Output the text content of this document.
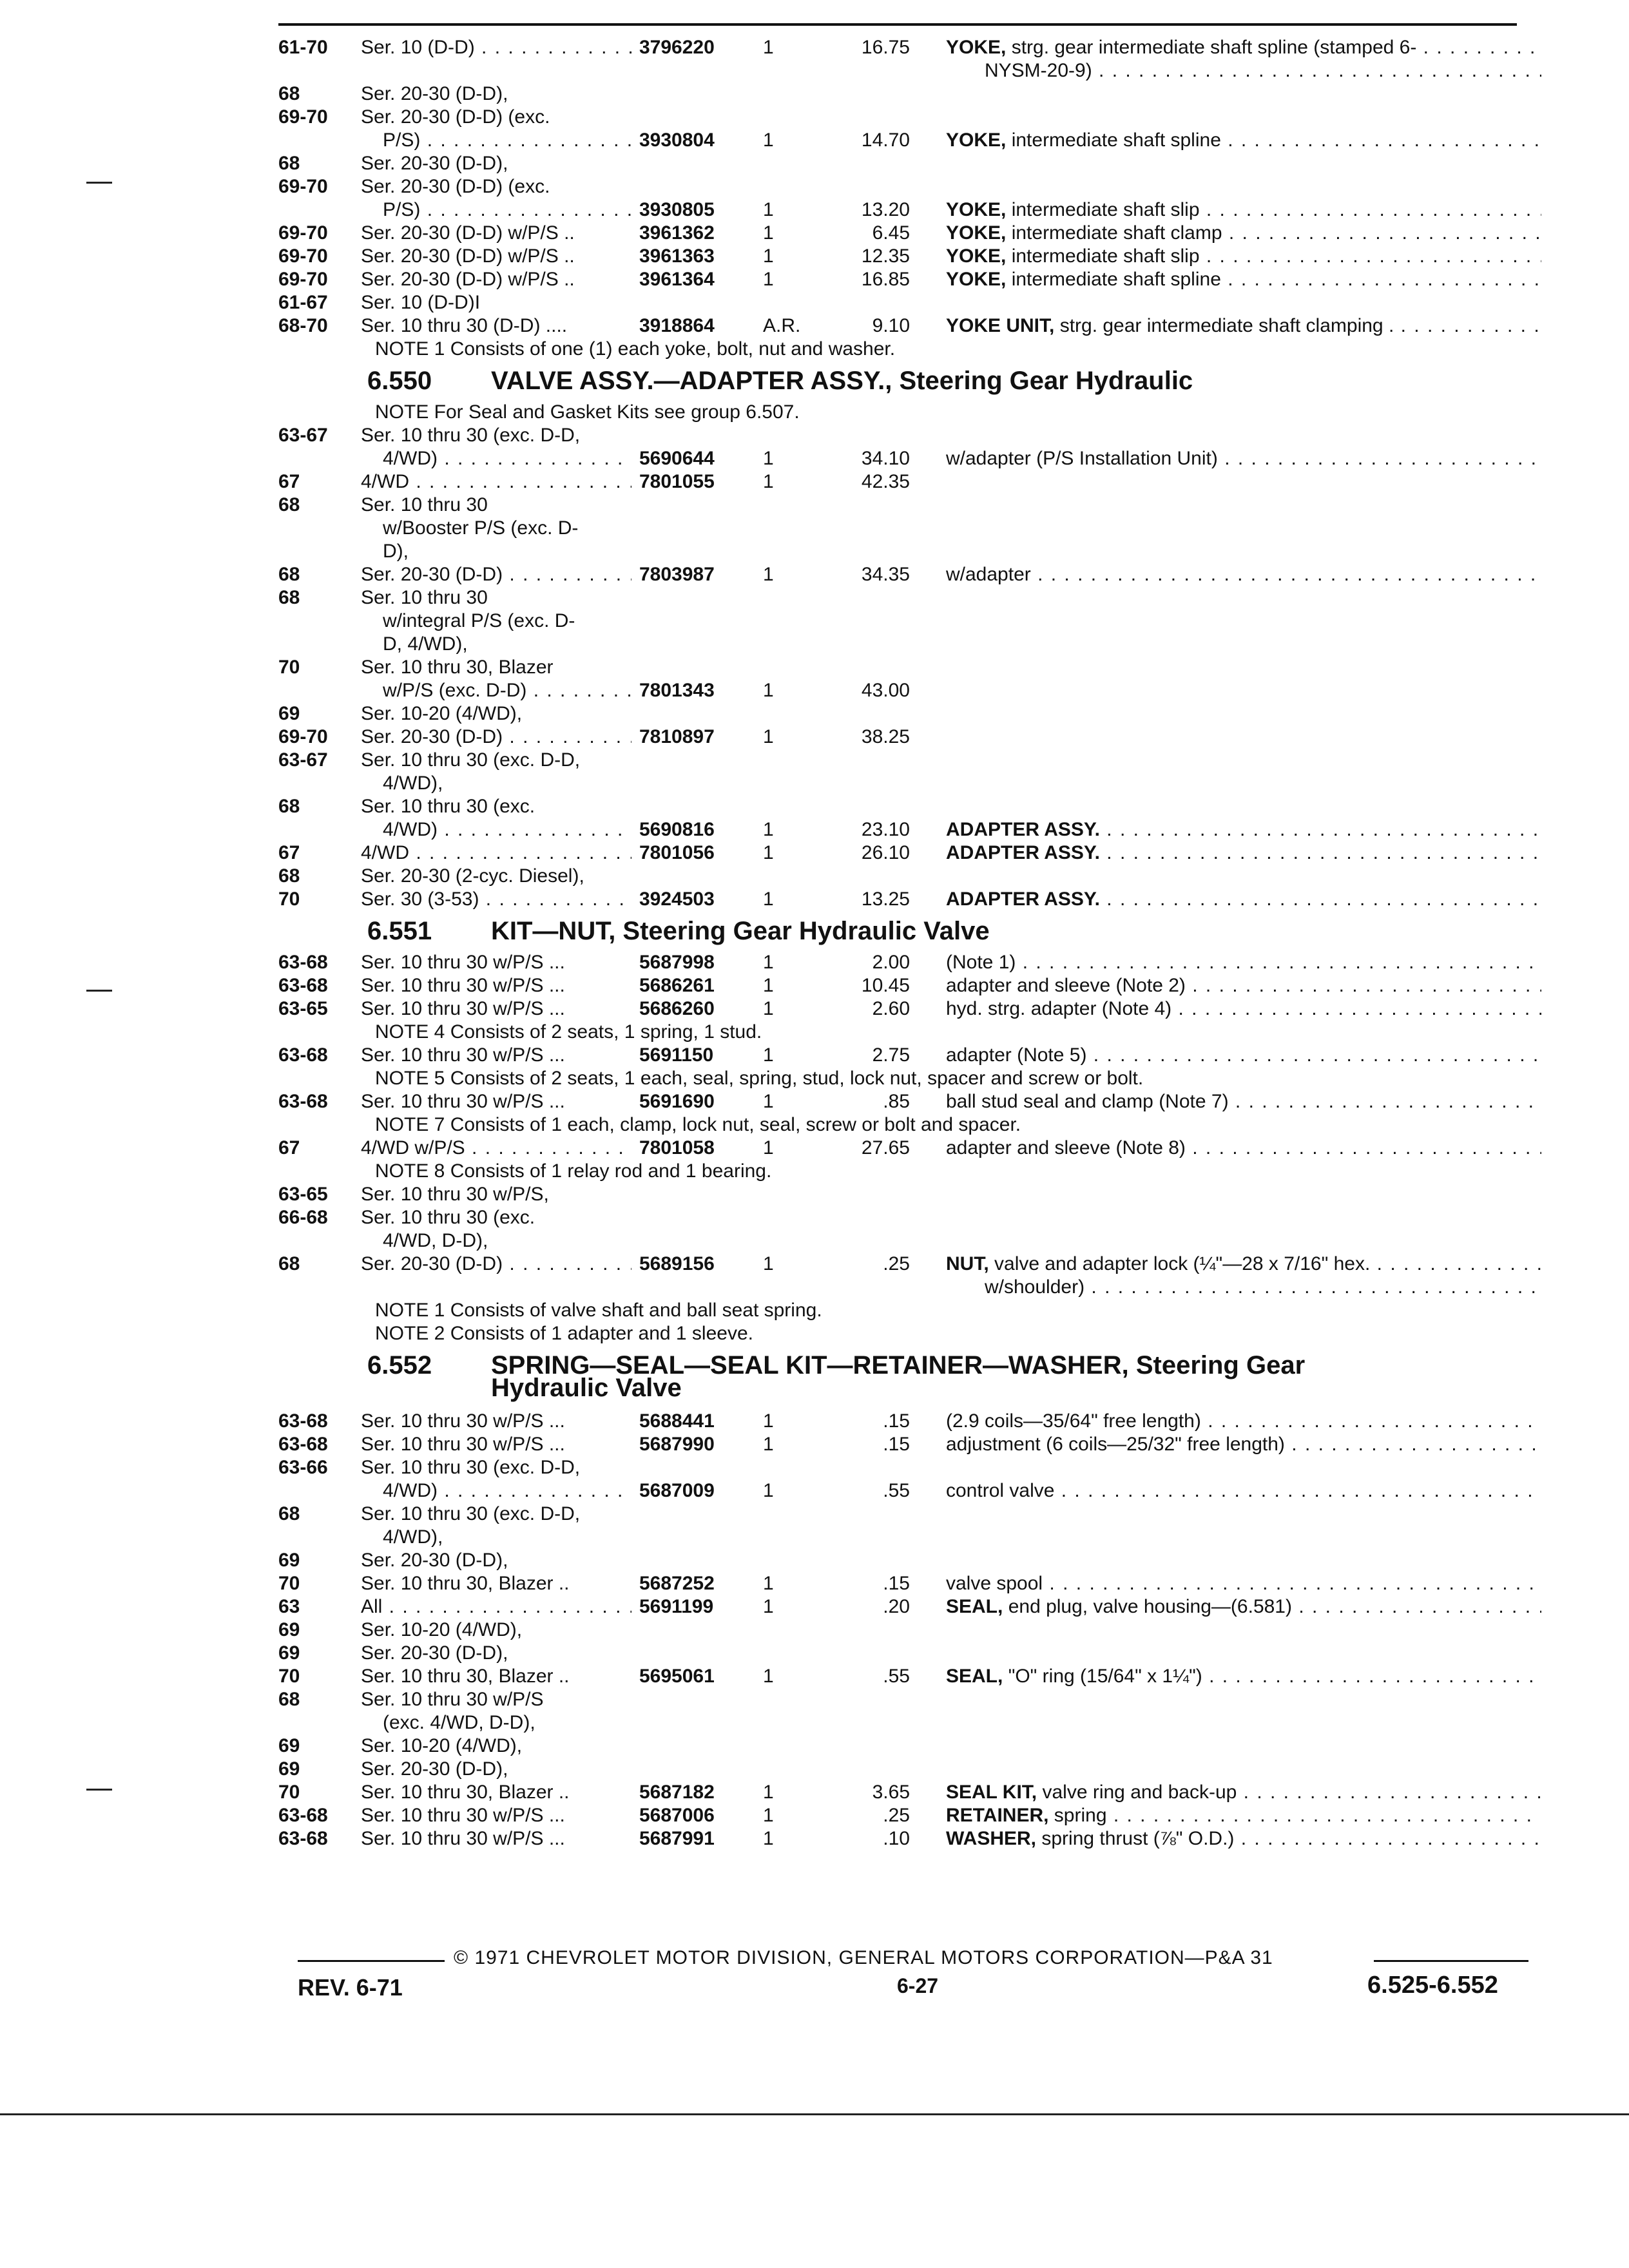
61-70	Ser. 10 (D-D) . . .	3796220	1	16.75 YOKE, strg. gear intermediate shaft spline (stamped 6- . . .
NYSM-20-9) . . .
68	Ser. 20-30 (D-D),
69-70	Ser. 20-30 (D-D) (exc.
P/S) . . .	3930804	1	14.70 YOKE, intermediate shaft spline . . .
68	Ser. 20-30 (D-D),
69-70	Ser. 20-30 (D-D) (exc.
P/S) . . .	3930805	1	13.20 YOKE, intermediate shaft slip . . .
69-70	Ser. 20-30 (D-D) w/P/S ..	3961362	1	6.45 YOKE, intermediate shaft clamp . . .
69-70	Ser. 20-30 (D-D) w/P/S ..	3961363	1	12.35 YOKE, intermediate shaft slip . . .
69-70	Ser. 20-30 (D-D) w/P/S ..	3961364	1	16.85 YOKE, intermediate shaft spline . . .
61-67	Ser. 10 (D-D)I
68-70	Ser. 10 thru 30 (D-D) ....	3918864	A.R.	9.10 YOKE UNIT, strg. gear intermediate shaft clamping . . . .
NOTE 1 Consists of one (1) each yoke, bolt, nut and washer.
6.550 VALVE ASSY.—ADAPTER ASSY., Steering Gear Hydraulic
NOTE For Seal and Gasket Kits see group 6.507.
63-67	Ser. 10 thru 30 (exc. D-D,
4/WD) . . .	5690644	1	34.10 w/adapter (P/S Installation Unit) . . .
67	4/WD . . .	7801055	1	42.35
68	Ser. 10 thru 30
w/Booster P/S (exc. D-
D),
68	Ser. 20-30 (D-D) . . .	7803987	1	34.35 w/adapter . . .
68	Ser. 10 thru 30
w/integral P/S (exc. D-
D, 4/WD),
70	Ser. 10 thru 30, Blazer
w/P/S (exc. D-D) . . .	7801343	1	43.00
69	Ser. 10-20 (4/WD),
69-70	Ser. 20-30 (D-D) . . .	7810897	1	38.25
63-67	Ser. 10 thru 30 (exc. D-D,
4/WD),
68	Ser. 10 thru 30 (exc.
4/WD) . . .	5690816	1	23.10 ADAPTER ASSY. . . .
67	4/WD . . .	7801056	1	26.10 ADAPTER ASSY. . . .
68	Ser. 20-30 (2-cyc. Diesel),
70	Ser. 30 (3-53) . . .	3924503	1	13.25 ADAPTER ASSY. . . .
6.551 KIT—NUT, Steering Gear Hydraulic Valve
63-68	Ser. 10 thru 30 w/P/S ...	5687998	1	2.00 (Note 1) . . .
63-68	Ser. 10 thru 30 w/P/S ...	5686261	1	10.45 adapter and sleeve (Note 2) . . .
63-65	Ser. 10 thru 30 w/P/S ...	5686260	1	2.60 hyd. strg. adapter (Note 4) . . .
NOTE 4 Consists of 2 seats, 1 spring, 1 stud.
63-68	Ser. 10 thru 30 w/P/S ...	5691150	1	2.75 adapter (Note 5) . . .
NOTE 5 Consists of 2 seats, 1 each, seal, spring, stud, lock nut, spacer and screw or bolt.
63-68	Ser. 10 thru 30 w/P/S ...	5691690	1	.85 ball stud seal and clamp (Note 7) . . .
NOTE 7 Consists of 1 each, clamp, lock nut, seal, screw or bolt and spacer.
67	4/WD w/P/S . . .	7801058	1	27.65 adapter and sleeve (Note 8) . . .
NOTE 8 Consists of 1 relay rod and 1 bearing.
63-65	Ser. 10 thru 30 w/P/S,
66-68	Ser. 10 thru 30 (exc.
4/WD, D-D),
68	Ser. 20-30 (D-D) . . .	5689156	1	.25 NUT, valve and adapter lock (¼"—28 x 7/16" hex. . . .
w/shoulder) . . .
NOTE 1 Consists of valve shaft and ball seat spring.
NOTE 2 Consists of 1 adapter and 1 sleeve.
6.552 SPRING—SEAL—SEAL KIT—RETAINER—WASHER, Steering Gear
Hydraulic Valve
63-68	Ser. 10 thru 30 w/P/S ...	5688441	1	.15 (2.9 coils—35/64" free length) . . .
63-68	Ser. 10 thru 30 w/P/S ...	5687990	1	.15 adjustment (6 coils—25/32" free length) . . .
63-66	Ser. 10 thru 30 (exc. D-D,
4/WD) . . .	5687009	1	.55 control valve . . .
68	Ser. 10 thru 30 (exc. D-D,
4/WD),
69	Ser. 20-30 (D-D),
70	Ser. 10 thru 30, Blazer ..	5687252	1	.15 valve spool . . .
63	All . . .	5691199	1	.20 SEAL, end plug, valve housing—(6.581) . . .
69	Ser. 10-20 (4/WD),
69	Ser. 20-30 (D-D),
70	Ser. 10 thru 30, Blazer ..	5695061	1	.55 SEAL, "O" ring (15/64" x 1¼") . . .
68	Ser. 10 thru 30 w/P/S
(exc. 4/WD, D-D),
69	Ser. 10-20 (4/WD),
69	Ser. 20-30 (D-D),
70	Ser. 10 thru 30, Blazer ..	5687182	1	3.65 SEAL KIT, valve ring and back-up . . .
63-68	Ser. 10 thru 30 w/P/S ...	5687006	1	.25 RETAINER, spring . . .
63-68	Ser. 10 thru 30 w/P/S ...	5687991	1	.10 WASHER, spring thrust (⅞" O.D.) . . .
© 1971 CHEVROLET MOTOR DIVISION, GENERAL MOTORS CORPORATION—P&A 31
REV. 6-71	6-27	6.525-6.552
